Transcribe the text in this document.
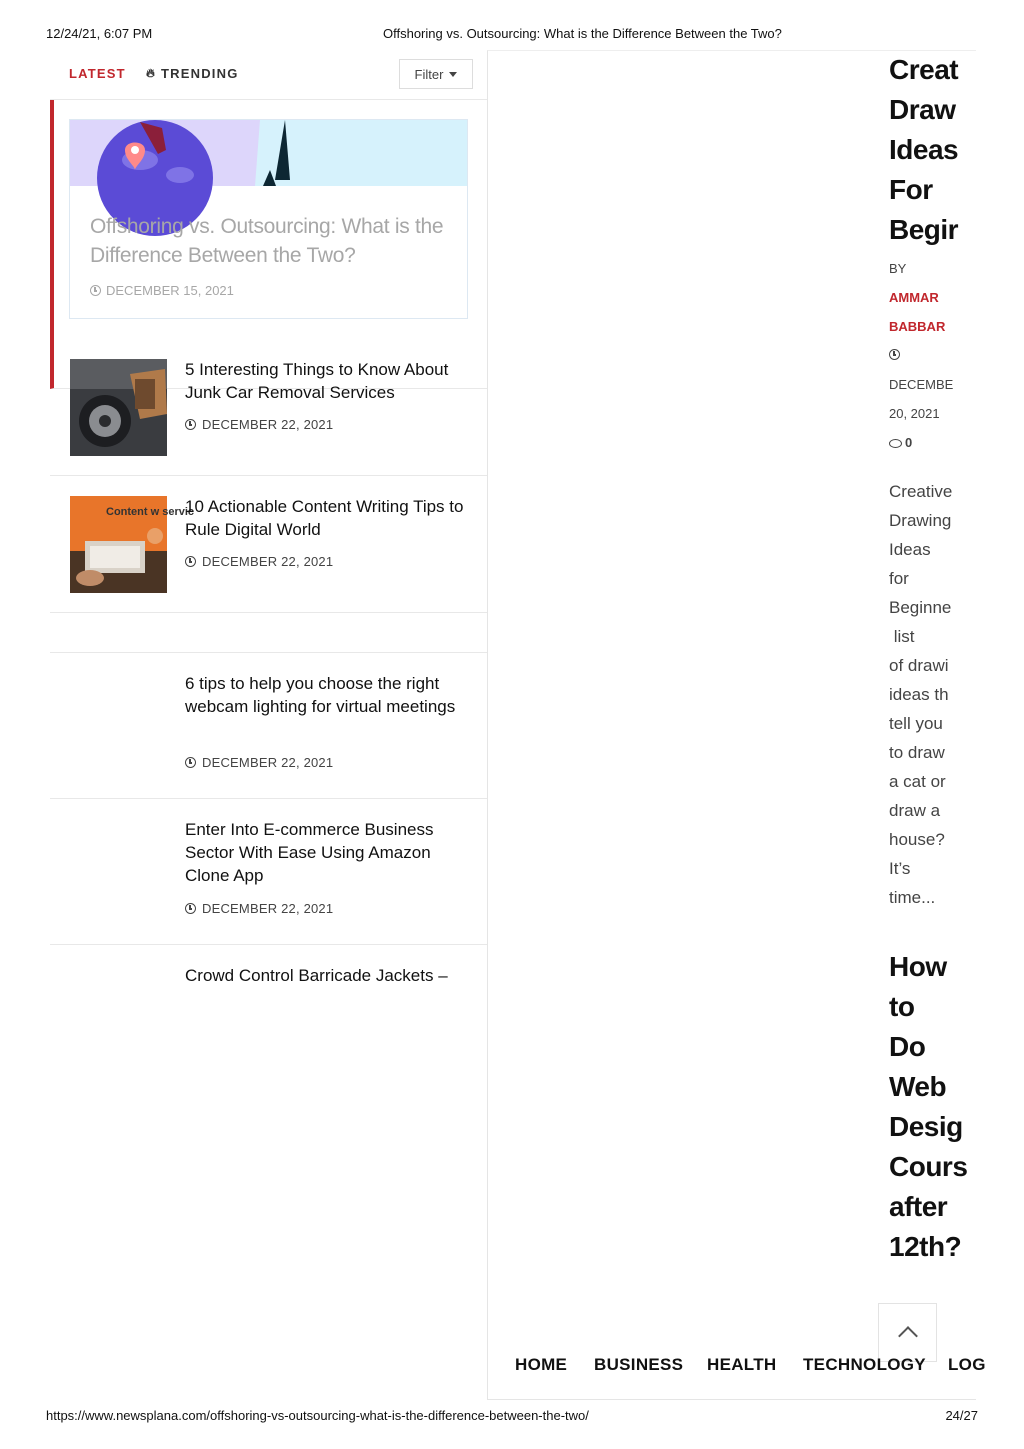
12/24/21, 6:07 PM	Offshoring vs. Outsourcing: What is the Difference Between the Two?
LATEST 🔥︎ TRENDING	Filter
Offshoring vs. Outsourcing: What is the Difference Between the Two?
DECEMBER 15, 2021
5 Interesting Things to Know About Junk Car Removal Services
DECEMBER 22, 2021
Content w servic
10 Actionable Content Writing Tips to Rule Digital World
DECEMBER 22, 2021
6 tips to help you choose the right webcam lighting for virtual meetings
DECEMBER 22, 2021
Enter Into E-commerce Business Sector With Ease Using Amazon Clone App
DECEMBER 22, 2021
Crowd Control Barricade Jackets –
Creat
Draw
Ideas
For
Begir
BY
AMMAR
BABBAR
DECEMBE
20, 2021
0
Creative
Drawing
Ideas
for
Beginne
list
of drawi
ideas th
tell you
to draw
a cat or
draw a
house?
It’s
time...
How
to
Do
Web
Desig
Cours
after
12th?
HOME BUSINESS HEALTH TECHNOLOGY LOG
https://www.newsplana.com/offshoring-vs-outsourcing-what-is-the-difference-between-the-two/	24/27
